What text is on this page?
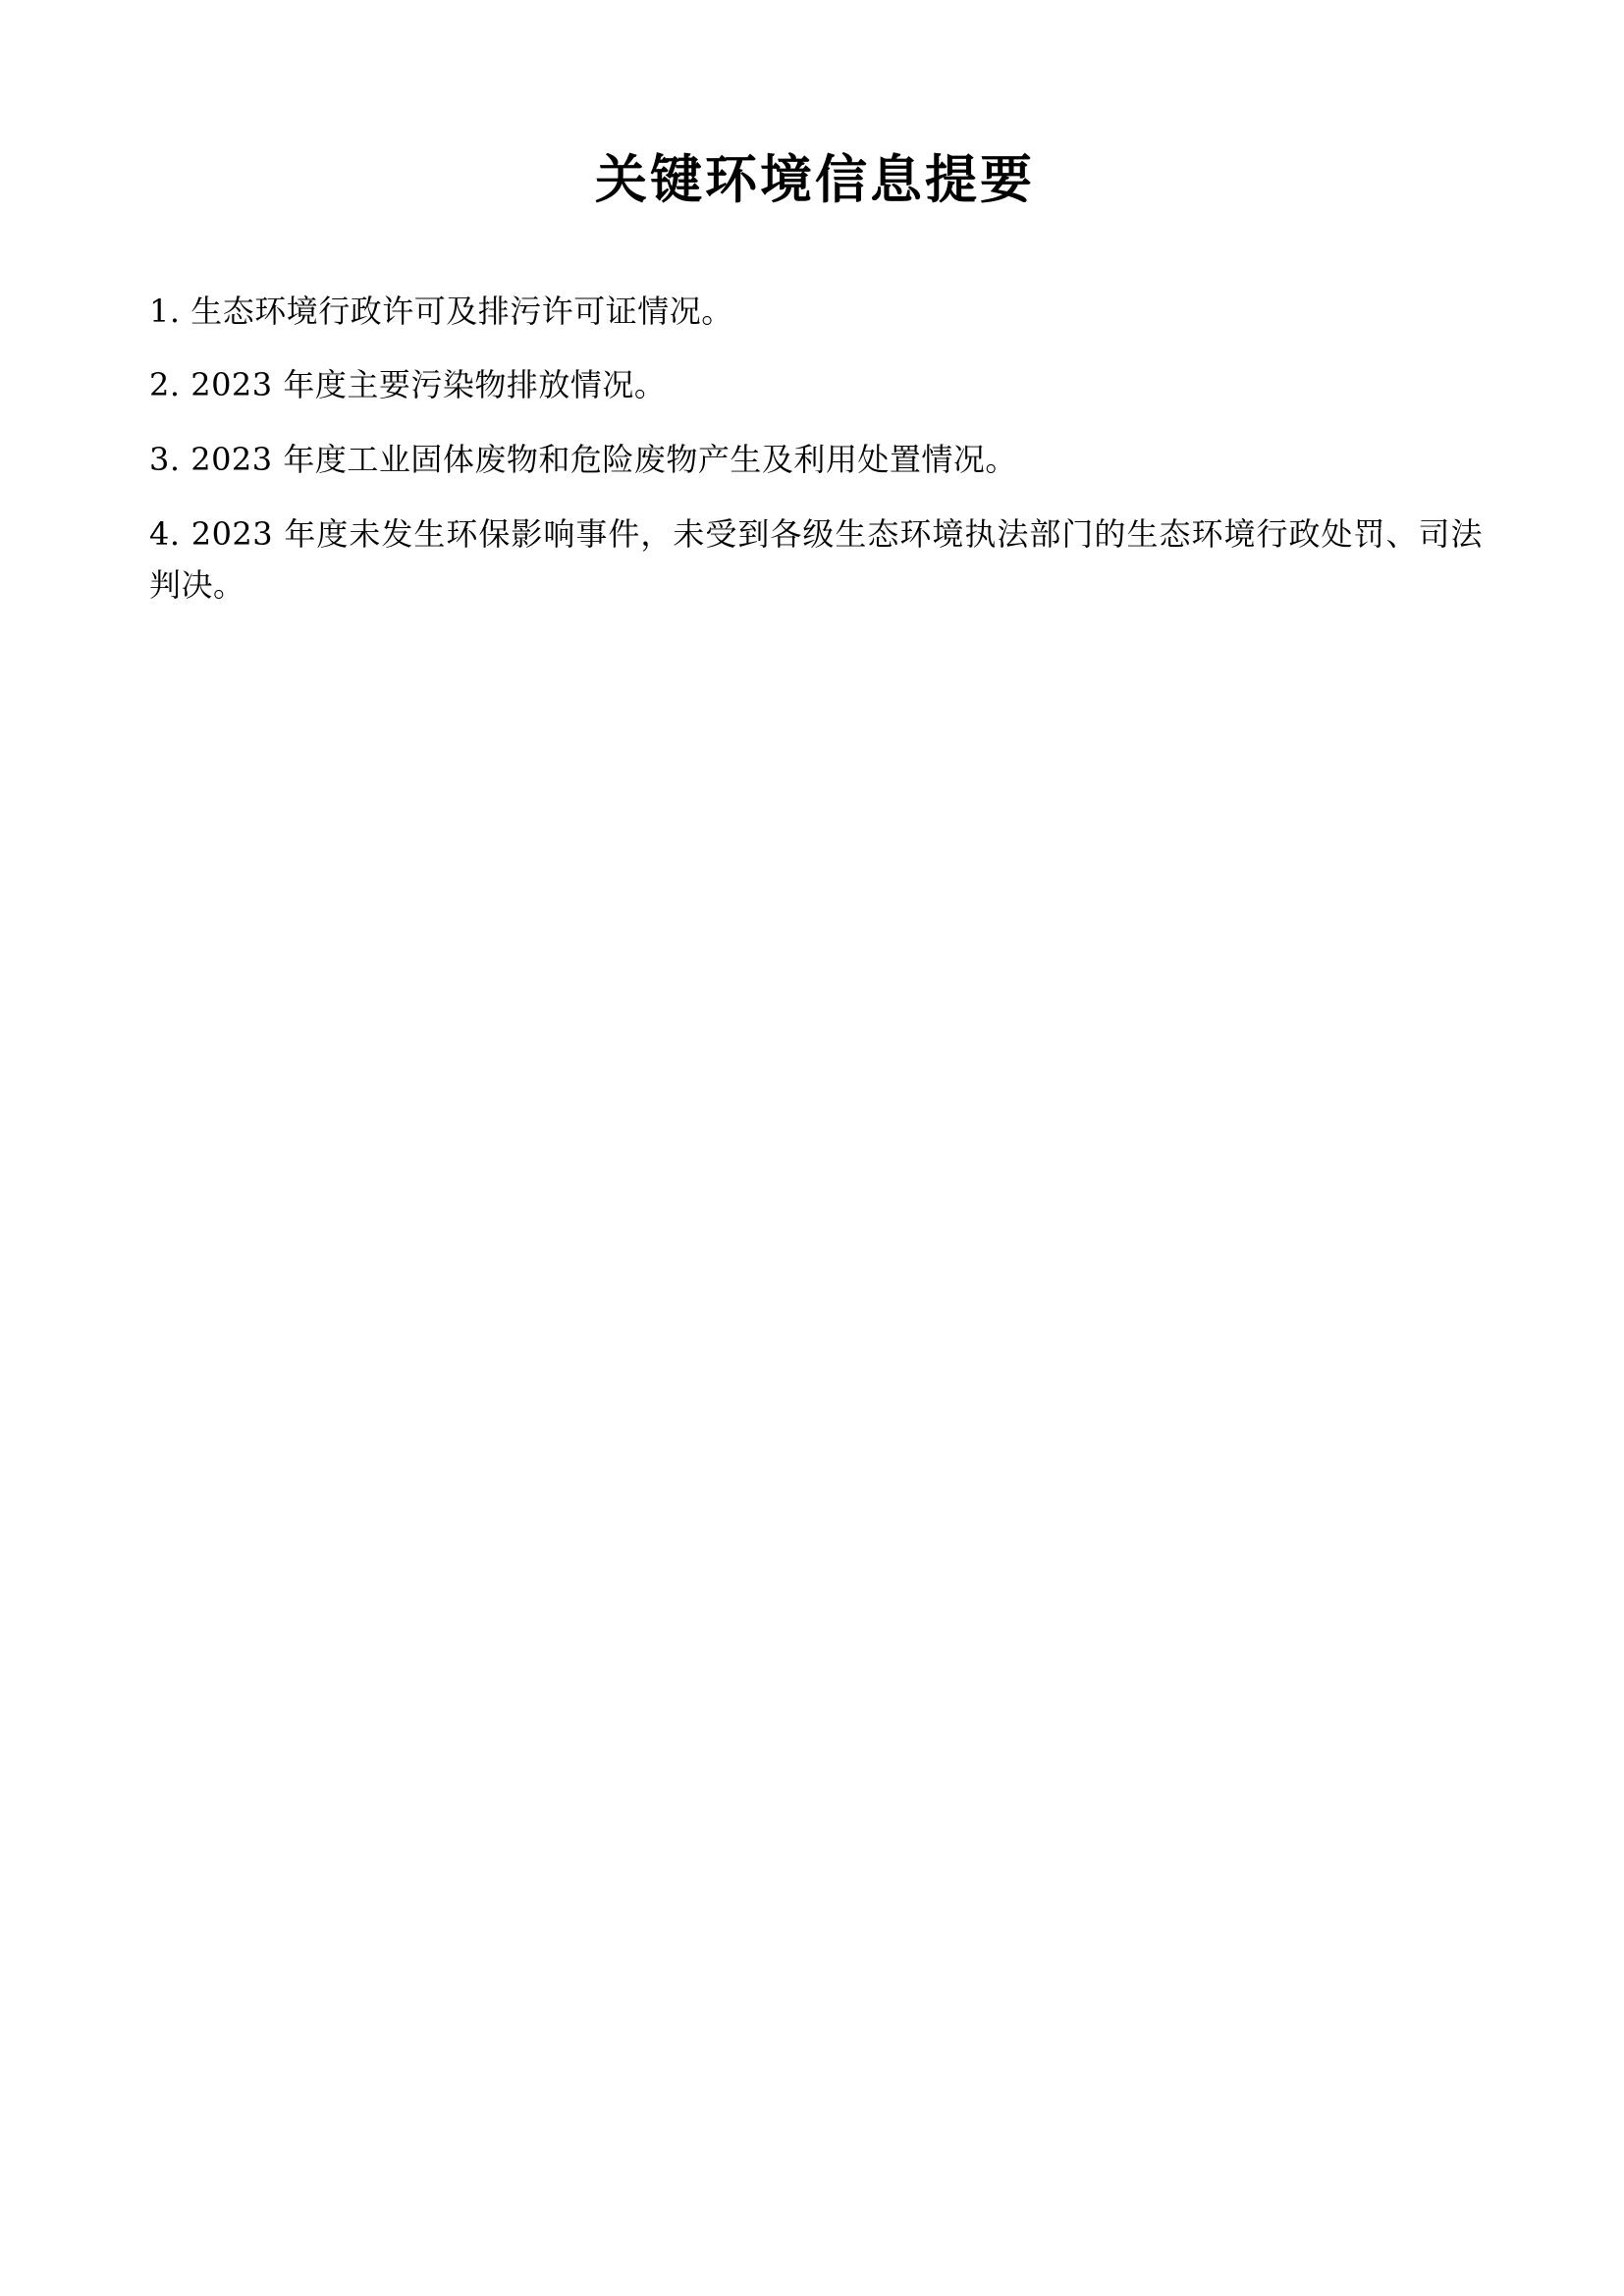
关键环境信息提要
1. 生态环境行政许可及排污许可证情况。
2. 2023 年度主要污染物排放情况。
3. 2023 年度工业固体废物和危险废物产生及利用处置情况。
4. 2023 年度未发生环保影响事件，未受到各级生态环境执法部门的生态环境行政处罚、司法判决。
